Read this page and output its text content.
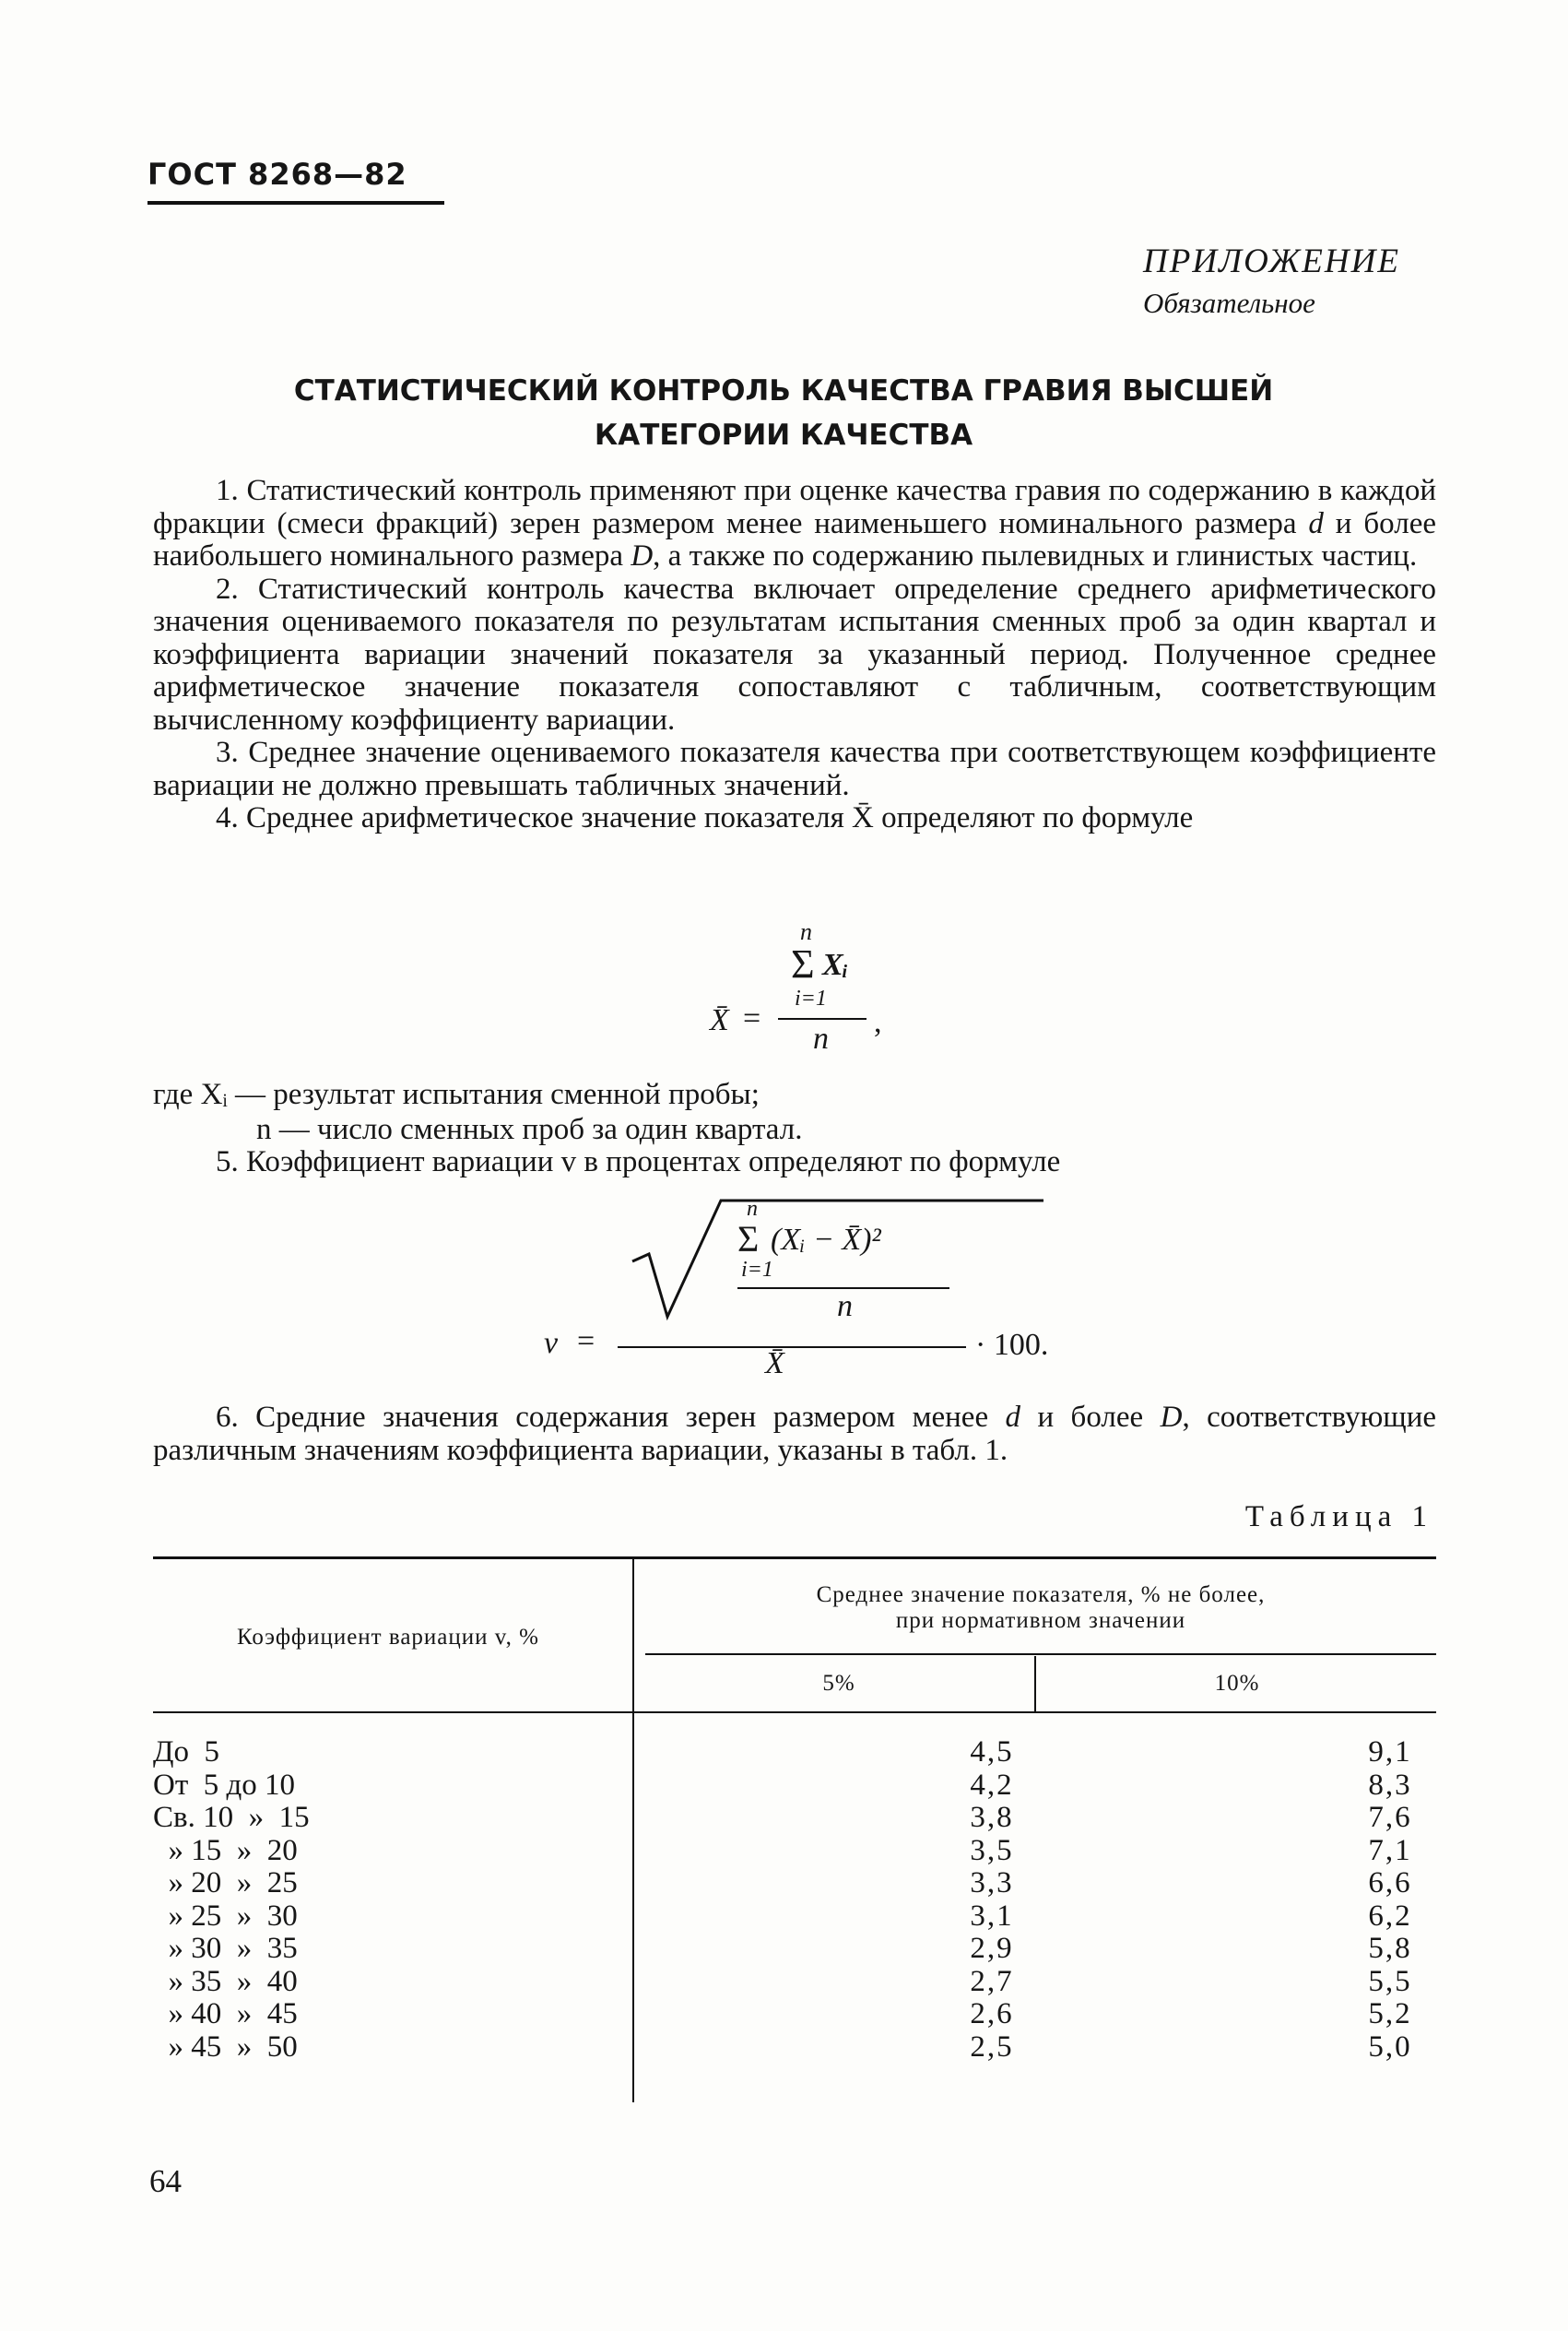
ГОСТ 8268—82
ПРИЛОЖЕНИЕ
Обязательное
СТАТИСТИЧЕСКИЙ КОНТРОЛЬ КАЧЕСТВА ГРАВИЯ ВЫСШЕЙ
КАТЕГОРИИ КАЧЕСТВА

1. Статистический контроль применяют при оценке качества гравия по содержанию в каждой фракции (смеси фракций) зерен размером менее наименьшего номинального размера d и более наибольшего номинального размера D, а также по содержанию пылевидных и глинистых частиц.

2. Статистический контроль качества включает определение среднего арифметического значения оцениваемого показателя по результатам испытания сменных проб за один квартал и коэффициента вариации значений показателя за указанный период. Полученное среднее арифметическое значение показателя сопоставляют с табличным, соответствующим вычисленному коэффициенту вариации.

3. Среднее значение оцениваемого показателя качества при соответствующем коэффициенте вариации не должно превышать табличных значений.

4. Среднее арифметическое значение показателя X̄ определяют по формуле

n
Σ Xᵢ
i=1
X̄ =
n ,
где Xᵢ — результат испытания сменной пробы;
n — число сменных проб за один квартал.
5. Коэффициент вариации v в процентах определяют по формуле
v =
n
Σ (Xᵢ − X̄)²
i=1
n
X̄
· 100.
6. Средние значения содержания зерен размером менее d и более D, соответствующие различным значениям коэффициента вариации, указаны в табл. 1.
Таблица 1
Коэффициент вариации v, %
Среднее значение показателя, % не более,
при нормативном значении
5%	10%
До  5	4,5	9,1
От  5 до 10	4,2	8,3
Св. 10  »  15	3,8	7,6
» 15  »  20	3,5	7,1
» 20  »  25	3,3	6,6
» 25  »  30	3,1	6,2
» 30  »  35	2,9	5,8
» 35  »  40	2,7	5,5
» 40  »  45	2,6	5,2
» 45  »  50	2,5	5,0
64
